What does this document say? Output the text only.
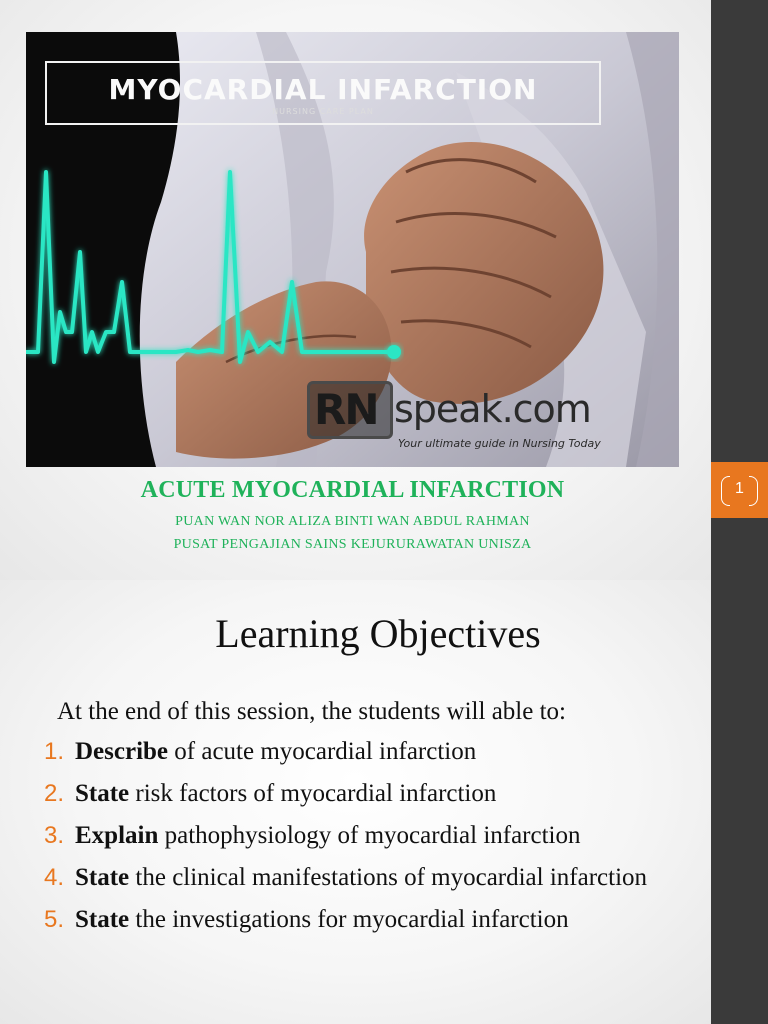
1
MYOCARDIAL INFARCTION
NURSING CARE PLAN
RN speak.com
Your ultimate guide in Nursing Today
ACUTE MYOCARDIAL INFARCTION
PUAN WAN NOR ALIZA BINTI WAN ABDUL RAHMAN
PUSAT PENGAJIAN SAINS KEJURURAWATAN UNISZA
Learning Objectives
At the end of this session, the students will able to:
1. Describe of acute myocardial infarction
2. State risk factors of myocardial infarction
3. Explain pathophysiology of myocardial infarction
4. State the clinical manifestations of myocardial infarction
5. State the investigations for myocardial infarction
